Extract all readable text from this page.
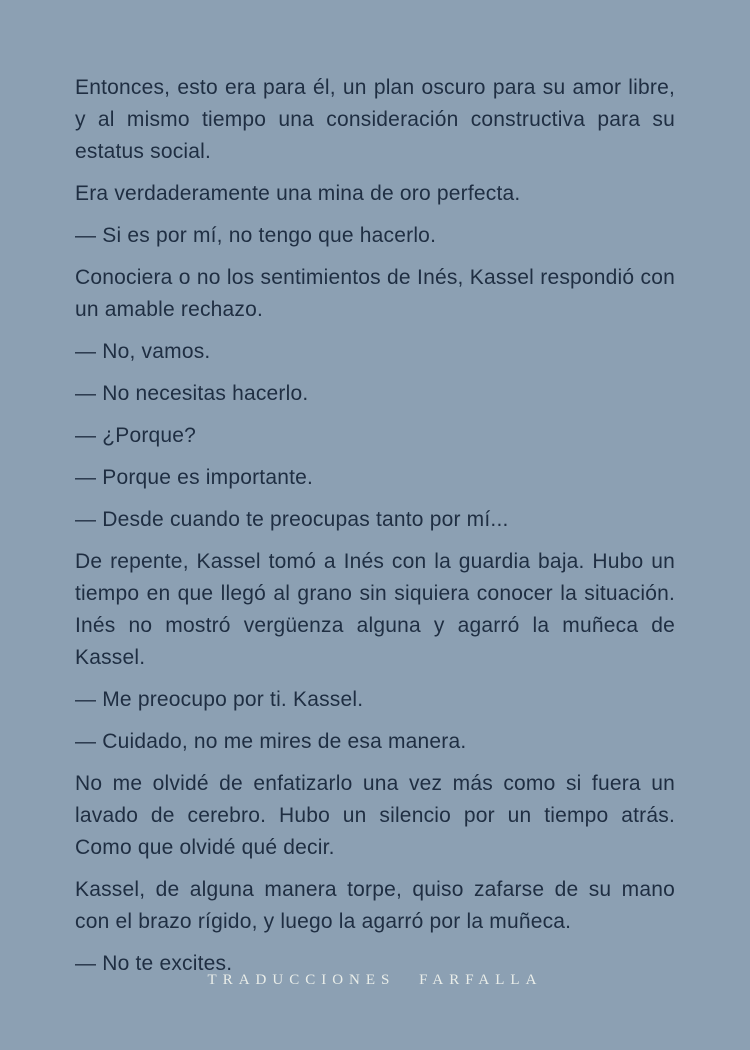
Entonces, esto era para él, un plan oscuro para su amor libre, y al mismo tiempo una consideración constructiva para su estatus social.

Era verdaderamente una mina de oro perfecta.

— Si es por mí, no tengo que hacerlo.

Conociera o no los sentimientos de Inés, Kassel respondió con un amable rechazo.

— No, vamos.

— No necesitas hacerlo.

— ¿Porque?

— Porque es importante.

— Desde cuando te preocupas tanto por mí...

De repente, Kassel tomó a Inés con la guardia baja. Hubo un tiempo en que llegó al grano sin siquiera conocer la situación. Inés no mostró vergüenza alguna y agarró la muñeca de Kassel.

— Me preocupo por ti. Kassel.

— Cuidado, no me mires de esa manera.

No me olvidé de enfatizarlo una vez más como si fuera un lavado de cerebro. Hubo un silencio por un tiempo atrás. Como que olvidé qué decir.

Kassel, de alguna manera torpe, quiso zafarse de su mano con el brazo rígido, y luego la agarró por la muñeca.

— No te excites.

TRADUCCIONES FARFALLA
